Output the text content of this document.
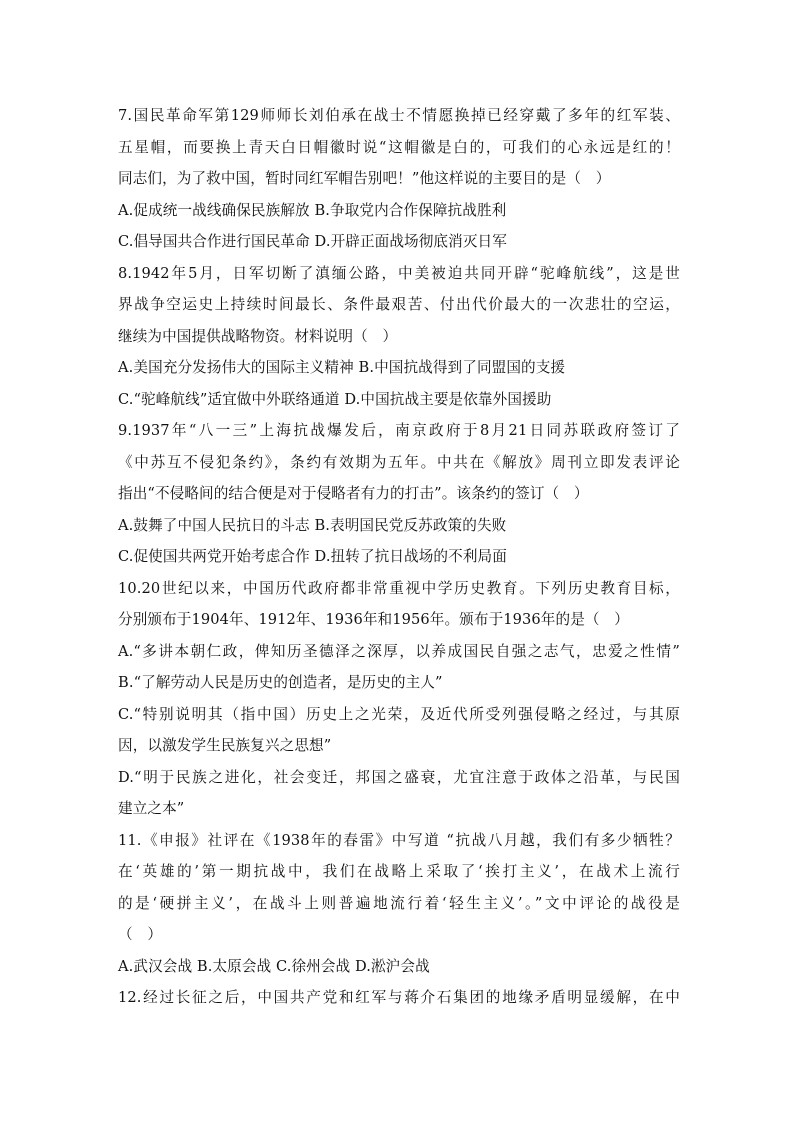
7.国民革命军第129师师长刘伯承在战士不情愿换掉已经穿戴了多年的红军装、
五星帽，而要换上青天白日帽徽时说“这帽徽是白的，可我们的心永远是红的！
同志们，为了救中国，暂时同红军帽告别吧！”他这样说的主要目的是（　）
A.促成统一战线确保民族解放 B.争取党内合作保障抗战胜利
C.倡导国共合作进行国民革命 D.开辟正面战场彻底消灭日军
8.1942年5月，日军切断了滇缅公路，中美被迫共同开辟“驼峰航线”，这是世
界战争空运史上持续时间最长、条件最艰苦、付出代价最大的一次悲壮的空运，
继续为中国提供战略物资。材料说明（　）
A.美国充分发扬伟大的国际主义精神 B.中国抗战得到了同盟国的支援
C.“驼峰航线”适宜做中外联络通道 D.中国抗战主要是依靠外国援助
9.1937年“八一三”上海抗战爆发后，南京政府于8月21日同苏联政府签订了
《中苏互不侵犯条约》，条约有效期为五年。中共在《解放》周刊立即发表评论
指出“不侵略间的结合便是对于侵略者有力的打击”。该条约的签订（　）
A.鼓舞了中国人民抗日的斗志 B.表明国民党反苏政策的失败
C.促使国共两党开始考虑合作 D.扭转了抗日战场的不利局面
10.20世纪以来，中国历代政府都非常重视中学历史教育。下列历史教育目标，
分别颁布于1904年、1912年、1936年和1956年。颁布于1936年的是（　）
A.“多讲本朝仁政，俾知历圣德泽之深厚，以养成国民自强之志气，忠爱之性情”
B.“了解劳动人民是历史的创造者，是历史的主人”
C.“特别说明其（指中国）历史上之光荣，及近代所受列强侵略之经过，与其原
因，以激发学生民族复兴之思想”
D.“明于民族之进化，社会变迁，邦国之盛衰，尤宜注意于政体之沿革，与民国
建立之本”
11.《申报》社评在《1938年的春雷》中写道 “抗战八月越，我们有多少牺牲？
在‘英雄的’第一期抗战中，我们在战略上采取了‘挨打主义’，在战术上流行
的是‘硬拼主义’，在战斗上则普遍地流行着‘轻生主义’。”文中评论的战役是
（　）
A.武汉会战 B.太原会战 C.徐州会战 D.淞沪会战
12.经过长征之后，中国共产党和红军与蒋介石集团的地缘矛盾明显缓解，在中
